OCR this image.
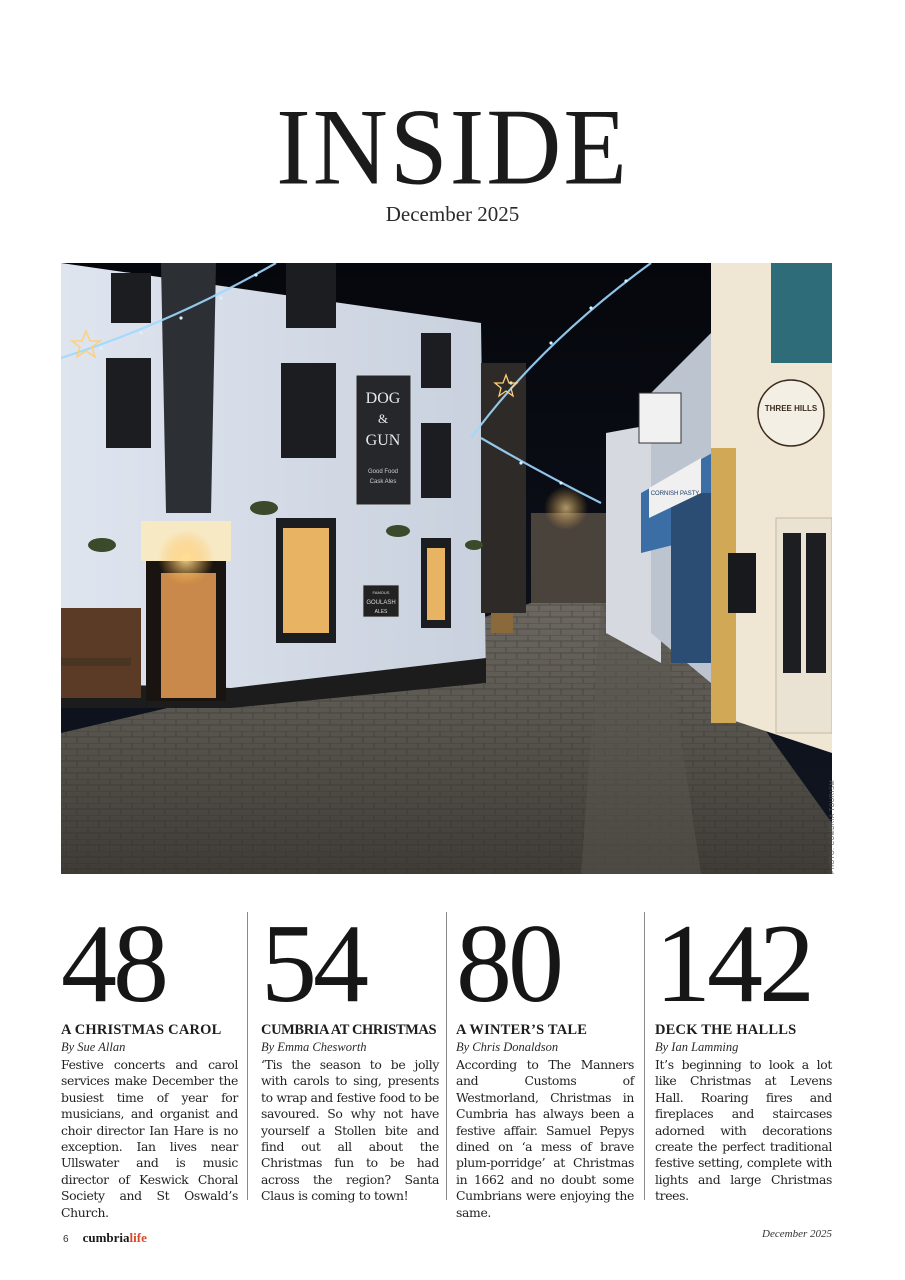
INSIDE
December 2025
DOG
&
GUN
Good Food
Cask Ales
FAMOUS
GOULASH
ALES
THREE HILLS
CORNISH PASTY
PHOTO: CUMBRIA TOURISM
48
A CHRISTMAS CAROL
By Sue Allan

Festive concerts and carol services make December the busiest time of year for musicians, and organist and choir director Ian Hare is no exception. Ian lives near Ullswater and is music director of Keswick Choral Society and St Oswald’s Church.

54
CUMBRIA AT CHRISTMAS
By Emma Chesworth

‘Tis the season to be jolly with carols to sing, presents to wrap and festive food to be savoured. So why not have yourself a Stollen bite and find out all about the Christmas fun to be had across the region? Santa Claus is coming to town!

80
A WINTER’S TALE
By Chris Donaldson

According to The Manners and Customs of Westmorland, Christmas in Cumbria has always been a festive affair. Samuel Pepys dined on ‘a mess of brave plum-porridge’ at Christmas in 1662 and no doubt some Cumbrians were enjoying the same.

142
DECK THE HALLLS
By Ian Lamming

It’s beginning to look a lot like Christmas at Levens Hall. Roaring fires and fireplaces and staircases adorned with decorations create the perfect traditional festive setting, complete with lights and large Christmas trees.

6 cumbrialife	December 2025
